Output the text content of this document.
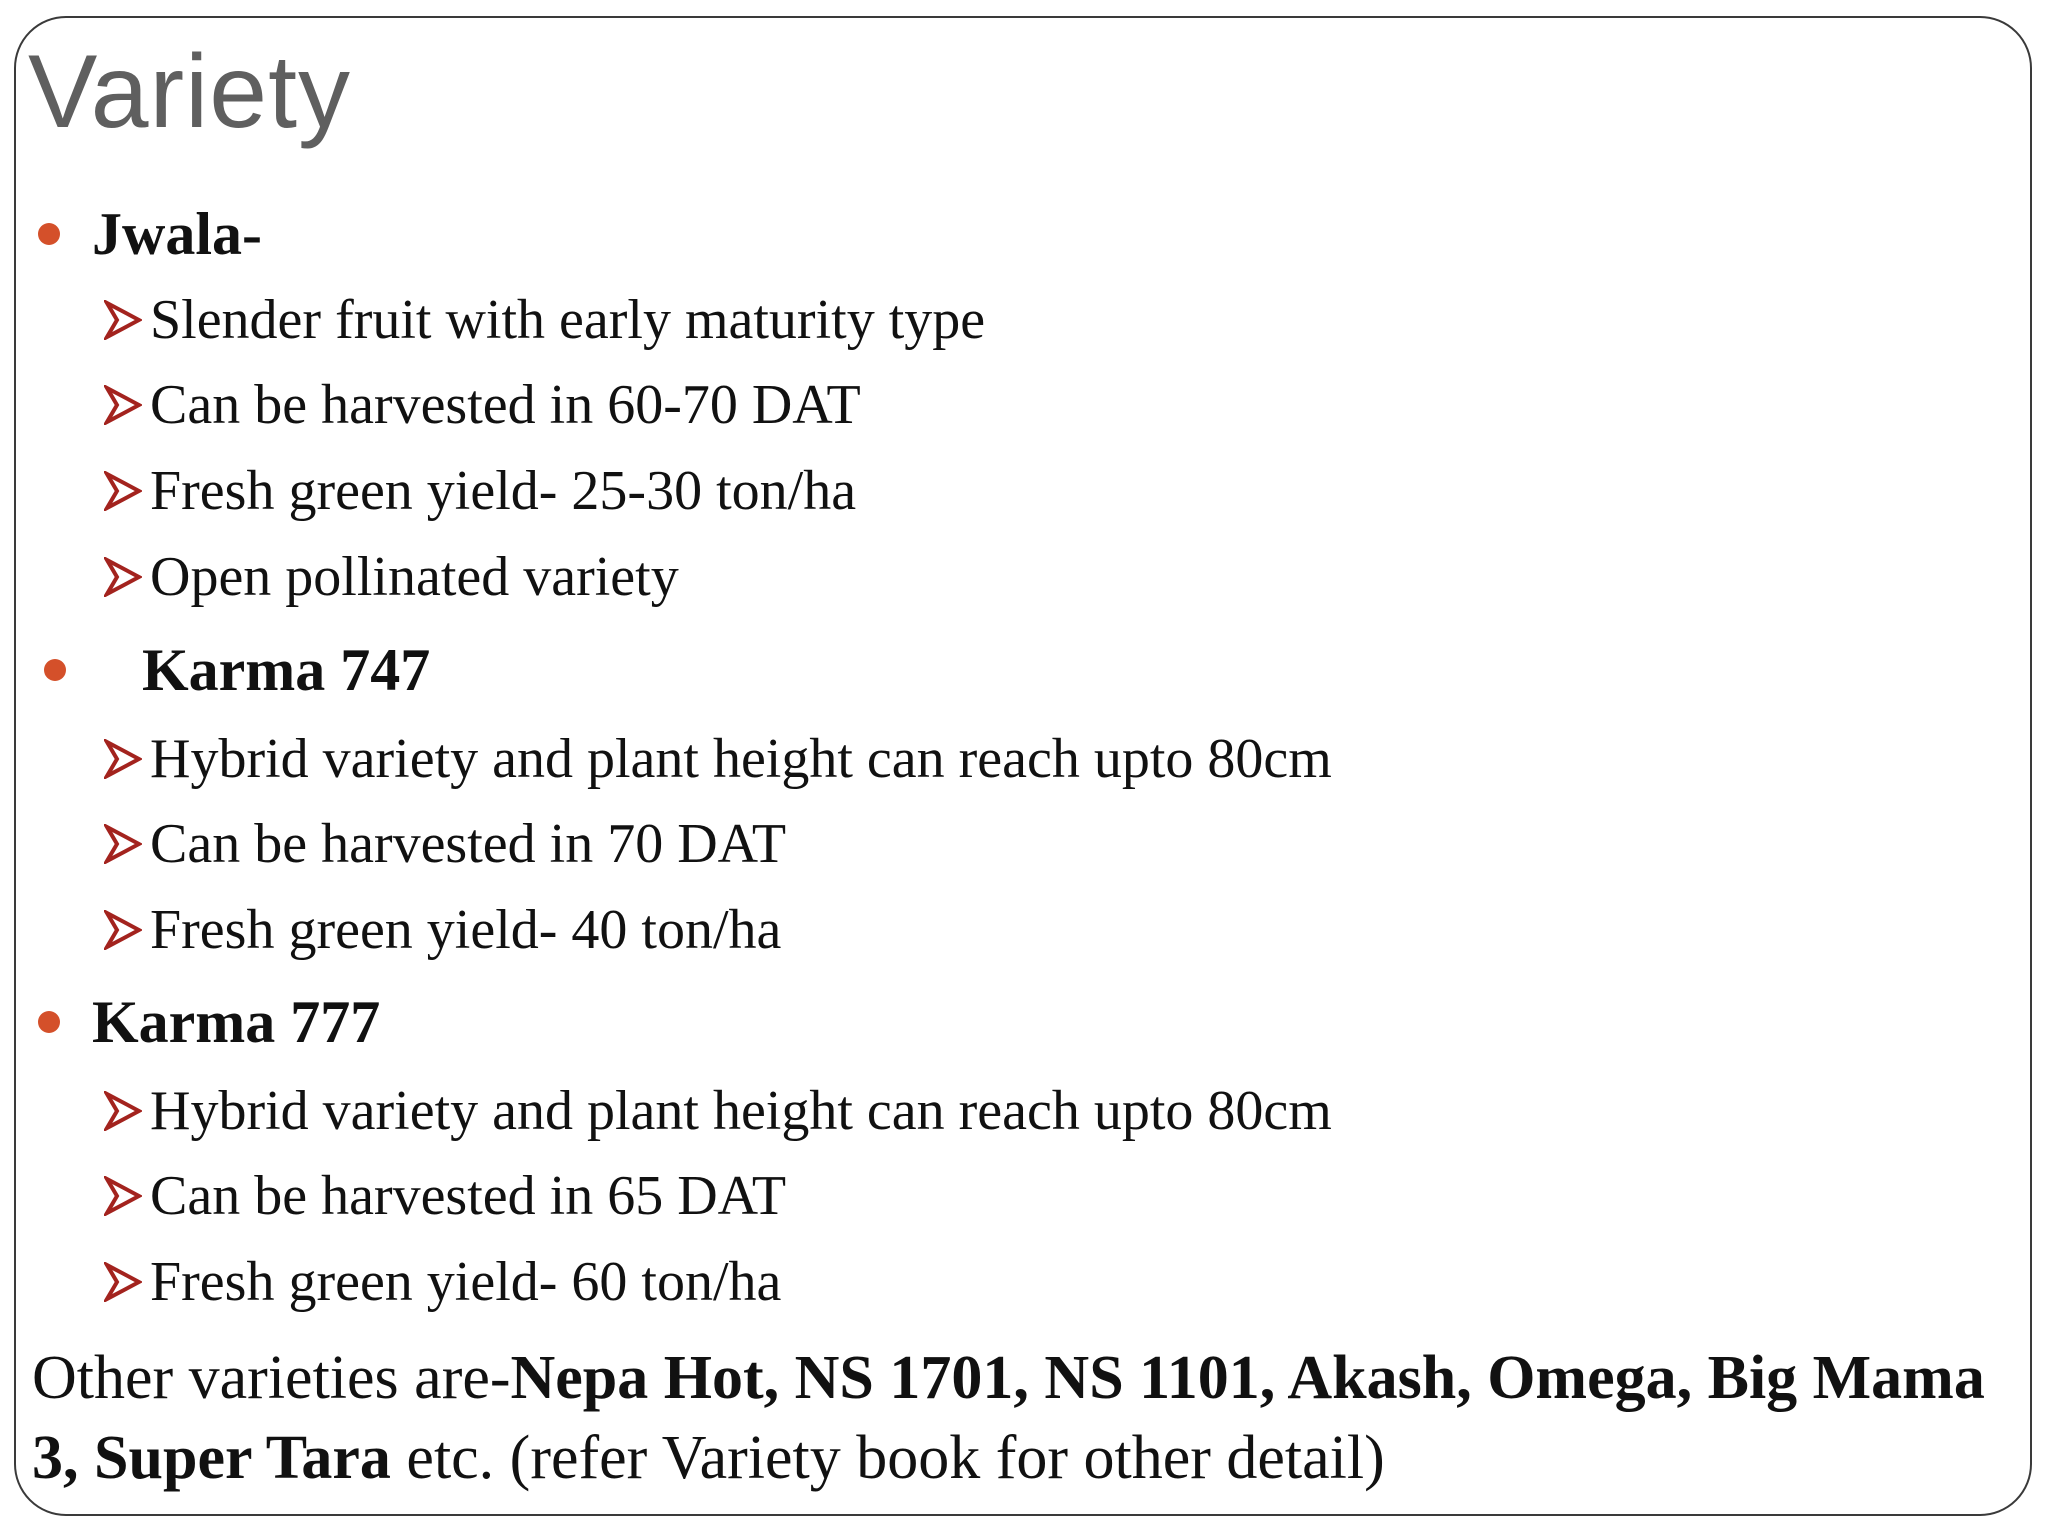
Variety
Jwala-
Slender fruit with early maturity type
Can be harvested in 60-70 DAT
Fresh green yield- 25-30 ton/ha
Open pollinated variety
Karma 747
Hybrid variety and plant height can reach upto 80cm
Can be harvested in 70 DAT
Fresh green yield- 40 ton/ha
Karma 777
Hybrid variety and plant height can reach upto 80cm
Can be harvested in 65 DAT
Fresh green yield- 60 ton/ha
Other varieties are-Nepa Hot, NS 1701, NS 1101, Akash, Omega, Big Mama 3, Super Tara etc. (refer Variety book for other detail)
